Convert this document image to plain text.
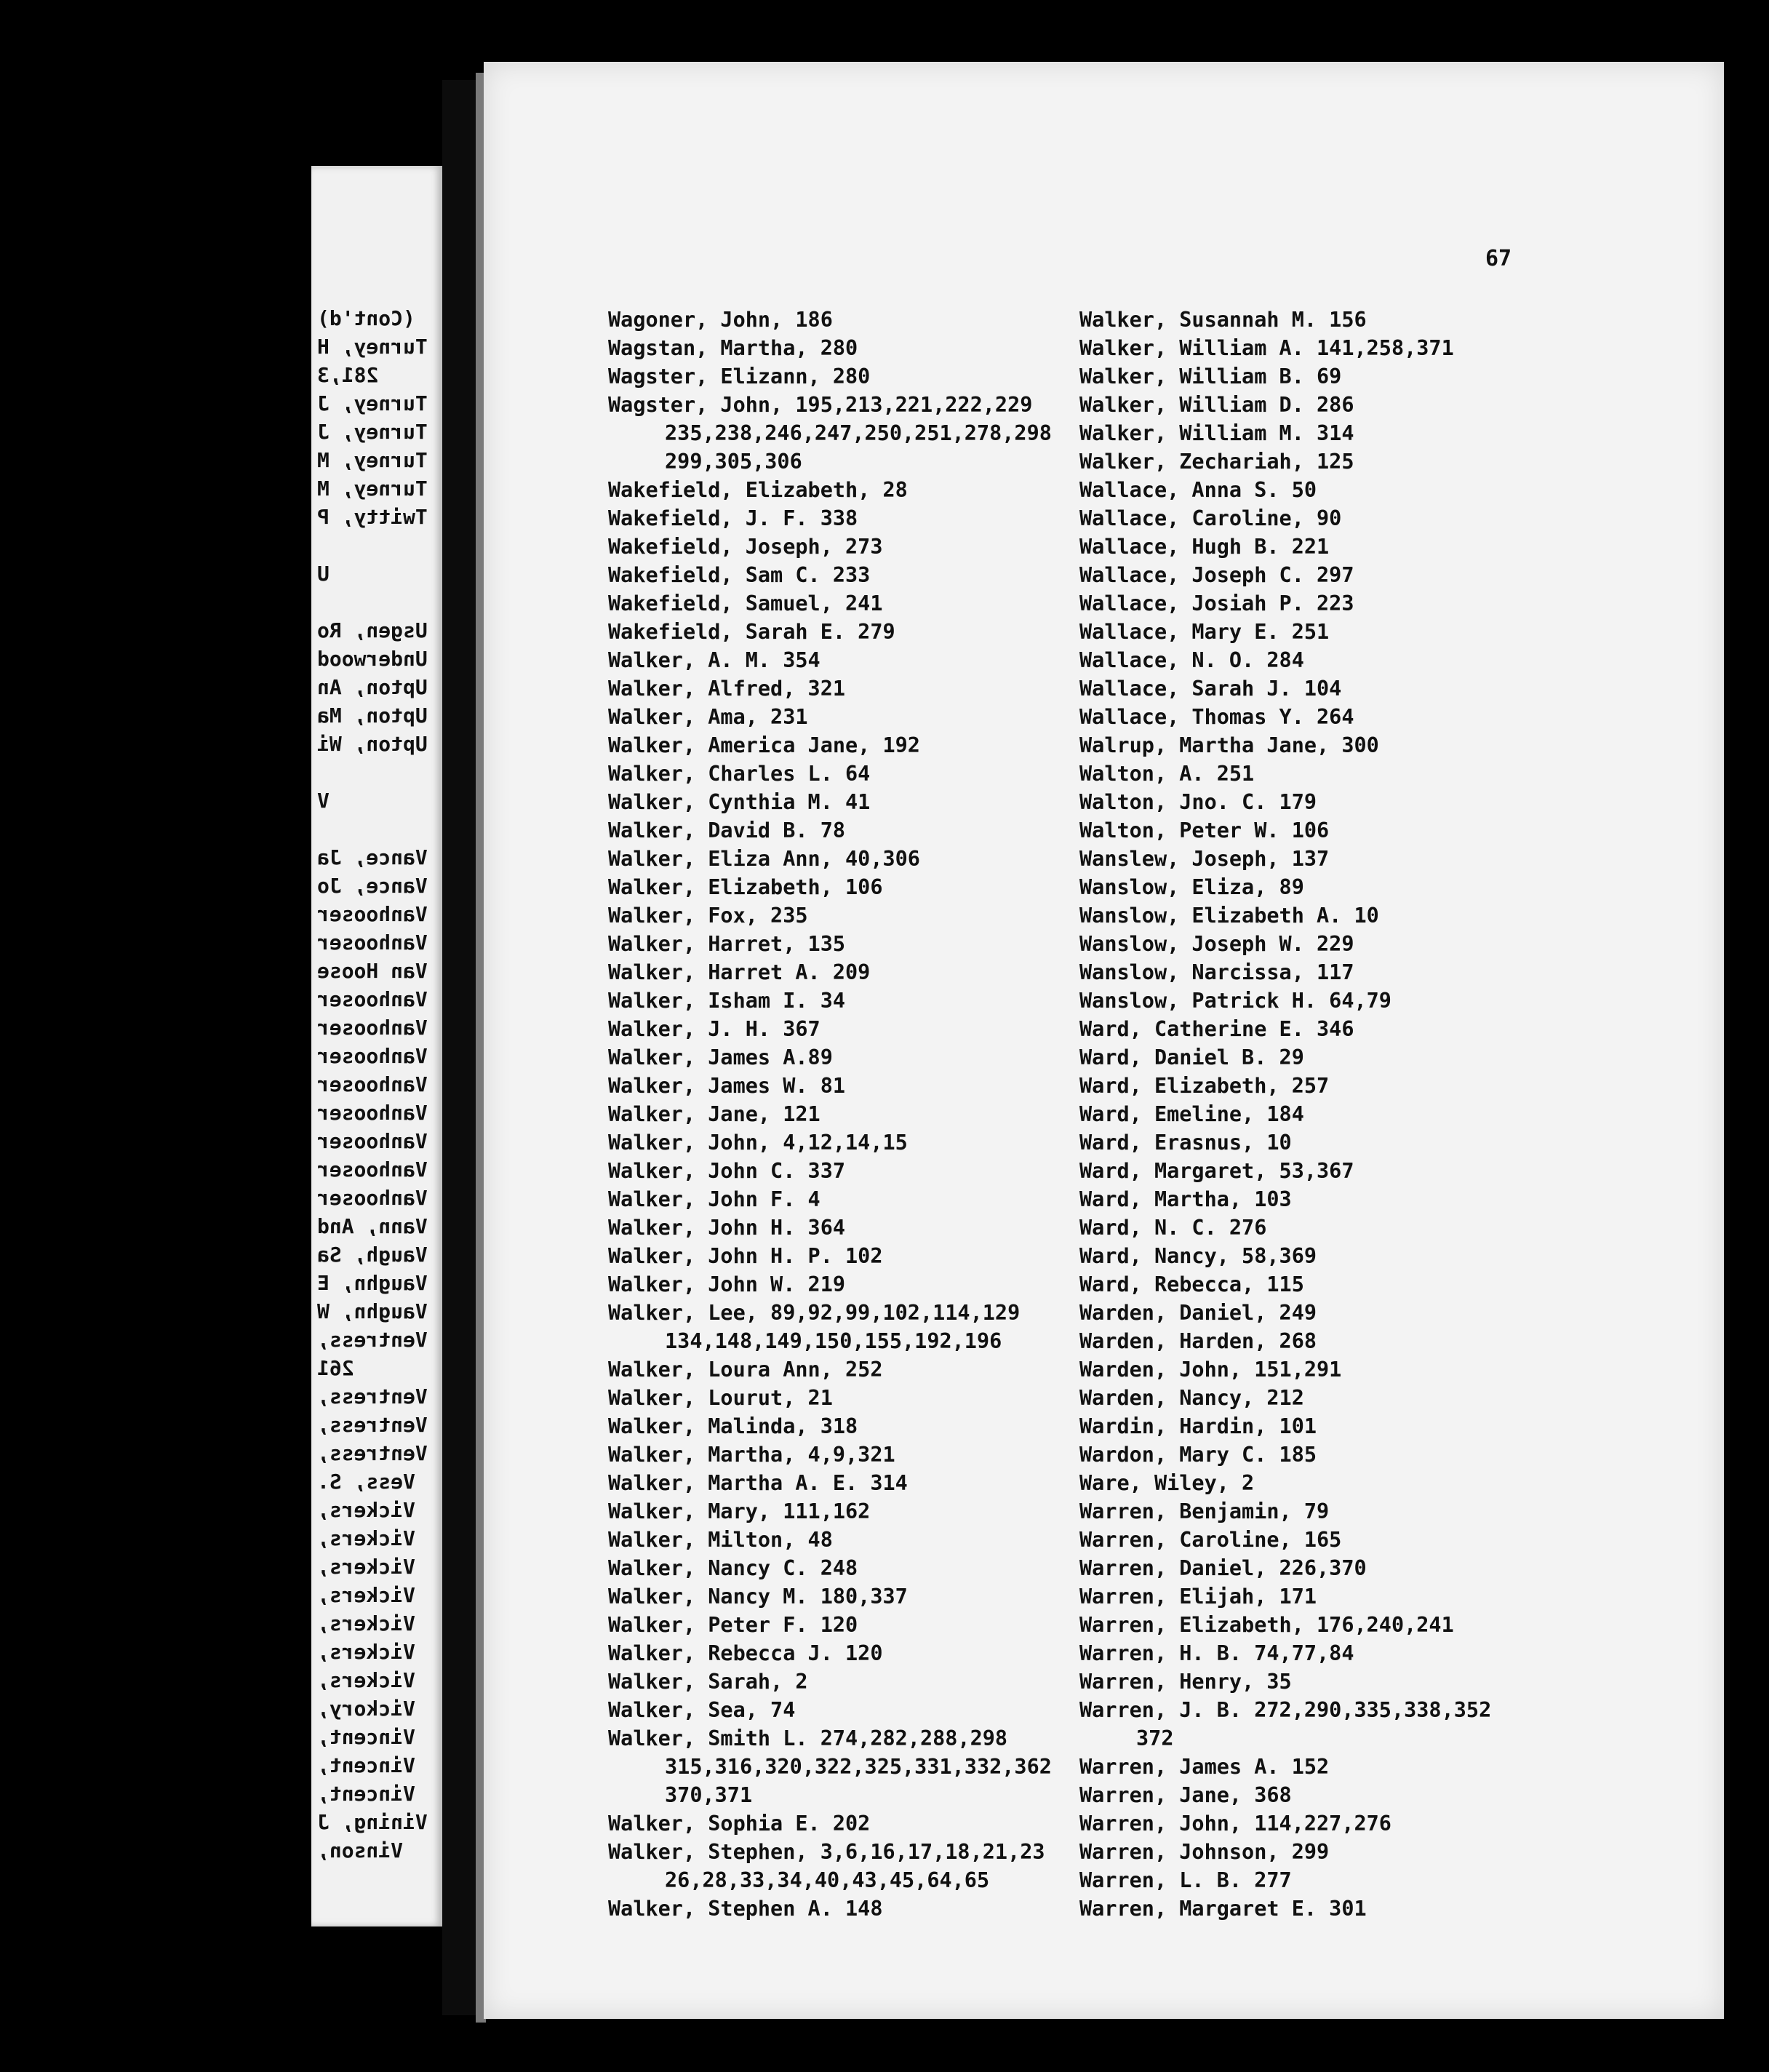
(Cont'd)
Turney, H
281,3
Turney, J
Turney, J
Turney, M
Turney, M
Twitty, P
U
Usgen, Ro
Underwood
Upton, An
Upton, Ma
Upton, Wi
V
Vance, Ja
Vance, Jo
Vanhooser
Vanhooser
Van Hoose
Vanhooser
Vanhooser
Vanhooser
Vanhooser
Vanhooser
Vanhooser
Vanhooser
Vanhooser
Vann, And
Vaugh, Sa
Vaughn, E
Vaughn, W
Ventress,
261
Ventress,
Ventress,
Ventress,
Vess, S.
Vickers,
Vickers,
Vickers,
Vickers,
Vickers,
Vickers,
Vickers,
Vickory,
Vincent,
Vincent,
Vincent,
Vining, J
Vinson,
67
Wagoner, John, 186
Wagstan, Martha, 280
Wagster, Elizann, 280
Wagster, John, 195,213,221,222,229
235,238,246,247,250,251,278,298
299,305,306
Wakefield, Elizabeth, 28
Wakefield, J. F. 338
Wakefield, Joseph, 273
Wakefield, Sam C. 233
Wakefield, Samuel, 241
Wakefield, Sarah E. 279
Walker, A. M. 354
Walker, Alfred, 321
Walker, Ama, 231
Walker, America Jane, 192
Walker, Charles L. 64
Walker, Cynthia M. 41
Walker, David B. 78
Walker, Eliza Ann, 40,306
Walker, Elizabeth, 106
Walker, Fox, 235
Walker, Harret, 135
Walker, Harret A. 209
Walker, Isham I. 34
Walker, J. H. 367
Walker, James A.89
Walker, James W. 81
Walker, Jane, 121
Walker, John, 4,12,14,15
Walker, John C. 337
Walker, John F. 4
Walker, John H. 364
Walker, John H. P. 102
Walker, John W. 219
Walker, Lee, 89,92,99,102,114,129
134,148,149,150,155,192,196
Walker, Loura Ann, 252
Walker, Lourut, 21
Walker, Malinda, 318
Walker, Martha, 4,9,321
Walker, Martha A. E. 314
Walker, Mary, 111,162
Walker, Milton, 48
Walker, Nancy C. 248
Walker, Nancy M. 180,337
Walker, Peter F. 120
Walker, Rebecca J. 120
Walker, Sarah, 2
Walker, Sea, 74
Walker, Smith L. 274,282,288,298
315,316,320,322,325,331,332,362
370,371
Walker, Sophia E. 202
Walker, Stephen, 3,6,16,17,18,21,23
26,28,33,34,40,43,45,64,65
Walker, Stephen A. 148
Walker, Susannah M. 156
Walker, William A. 141,258,371
Walker, William B. 69
Walker, William D. 286
Walker, William M. 314
Walker, Zechariah, 125
Wallace, Anna S. 50
Wallace, Caroline, 90
Wallace, Hugh B. 221
Wallace, Joseph C. 297
Wallace, Josiah P. 223
Wallace, Mary E. 251
Wallace, N. O. 284
Wallace, Sarah J. 104
Wallace, Thomas Y. 264
Walrup, Martha Jane, 300
Walton, A. 251
Walton, Jno. C. 179
Walton, Peter W. 106
Wanslew, Joseph, 137
Wanslow, Eliza, 89
Wanslow, Elizabeth A. 10
Wanslow, Joseph W. 229
Wanslow, Narcissa, 117
Wanslow, Patrick H. 64,79
Ward, Catherine E. 346
Ward, Daniel B. 29
Ward, Elizabeth, 257
Ward, Emeline, 184
Ward, Erasnus, 10
Ward, Margaret, 53,367
Ward, Martha, 103
Ward, N. C. 276
Ward, Nancy, 58,369
Ward, Rebecca, 115
Warden, Daniel, 249
Warden, Harden, 268
Warden, John, 151,291
Warden, Nancy, 212
Wardin, Hardin, 101
Wardon, Mary C. 185
Ware, Wiley, 2
Warren, Benjamin, 79
Warren, Caroline, 165
Warren, Daniel, 226,370
Warren, Elijah, 171
Warren, Elizabeth, 176,240,241
Warren, H. B. 74,77,84
Warren, Henry, 35
Warren, J. B. 272,290,335,338,352
372
Warren, James A. 152
Warren, Jane, 368
Warren, John, 114,227,276
Warren, Johnson, 299
Warren, L. B. 277
Warren, Margaret E. 301
